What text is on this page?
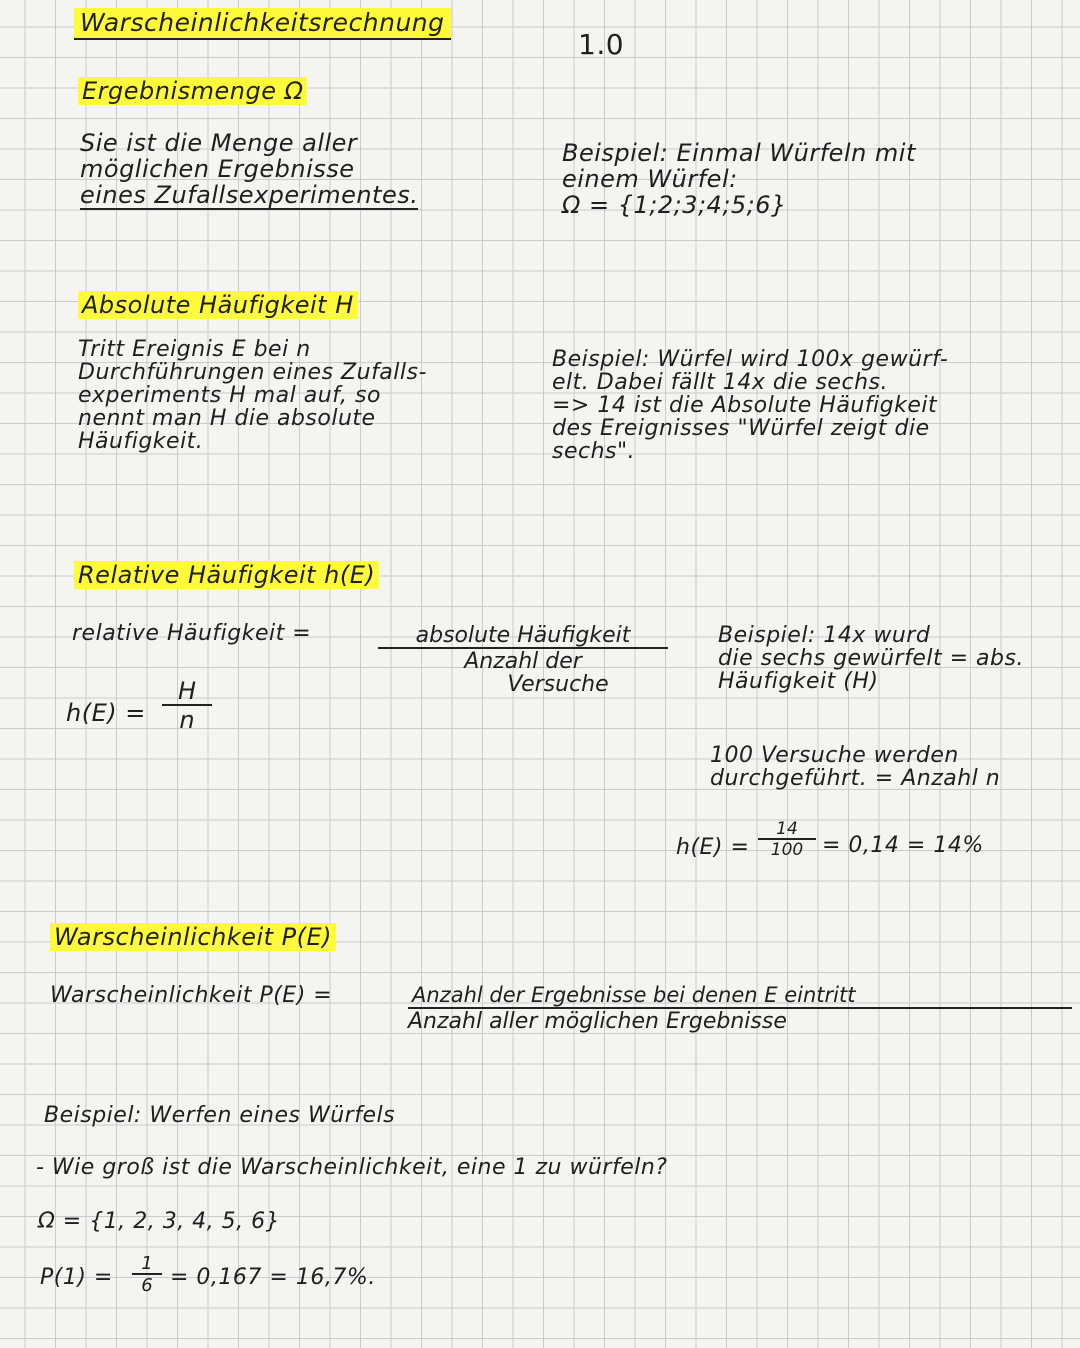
Warscheinlichkeitsrechnung
1.0
Ergebnismenge Ω
Sie ist die Menge aller
möglichen Ergebnisse
eines Zufallsexperimentes.
Beispiel: Einmal Würfeln mit
einem Würfel:
Ω = {1;2;3;4;5;6}
Absolute Häufigkeit H
Tritt Ereignis E bei n
Durchführungen eines Zufalls-
experiments H mal auf, so
nennt man H die absolute
Häufigkeit.
Beispiel: Würfel wird 100x gewürf-
elt. Dabei fällt 14x die sechs.
=> 14 ist die Absolute Häufigkeit
des Ereignisses "Würfel zeigt die
sechs".
Relative Häufigkeit h(E)
relative Häufigkeit =	absolute Häufigkeit
Anzahl der
Versuche
$h(E) = \frac{H}{n}$
Beispiel: 14x wurd
die sechs gewürfelt = abs.
Häufigkeit (H)
100 Versuche werden
durchgeführt. = Anzahl n
$h(E) = \frac{14}{100} = 0,14 = 14\%$
Warscheinlichkeit P(E)
Warscheinlichkeit P(E) =	Anzahl der Ergebnisse bei denen E eintritt
Anzahl aller möglichen Ergebnisse
Beispiel: Werfen eines Würfels
- Wie groß ist die Warscheinlichkeit, eine 1 zu würfeln?
Ω = {1, 2, 3, 4, 5, 6}
$P(1) = \frac{1}{6} = 0,167 = 16,7\%$.
